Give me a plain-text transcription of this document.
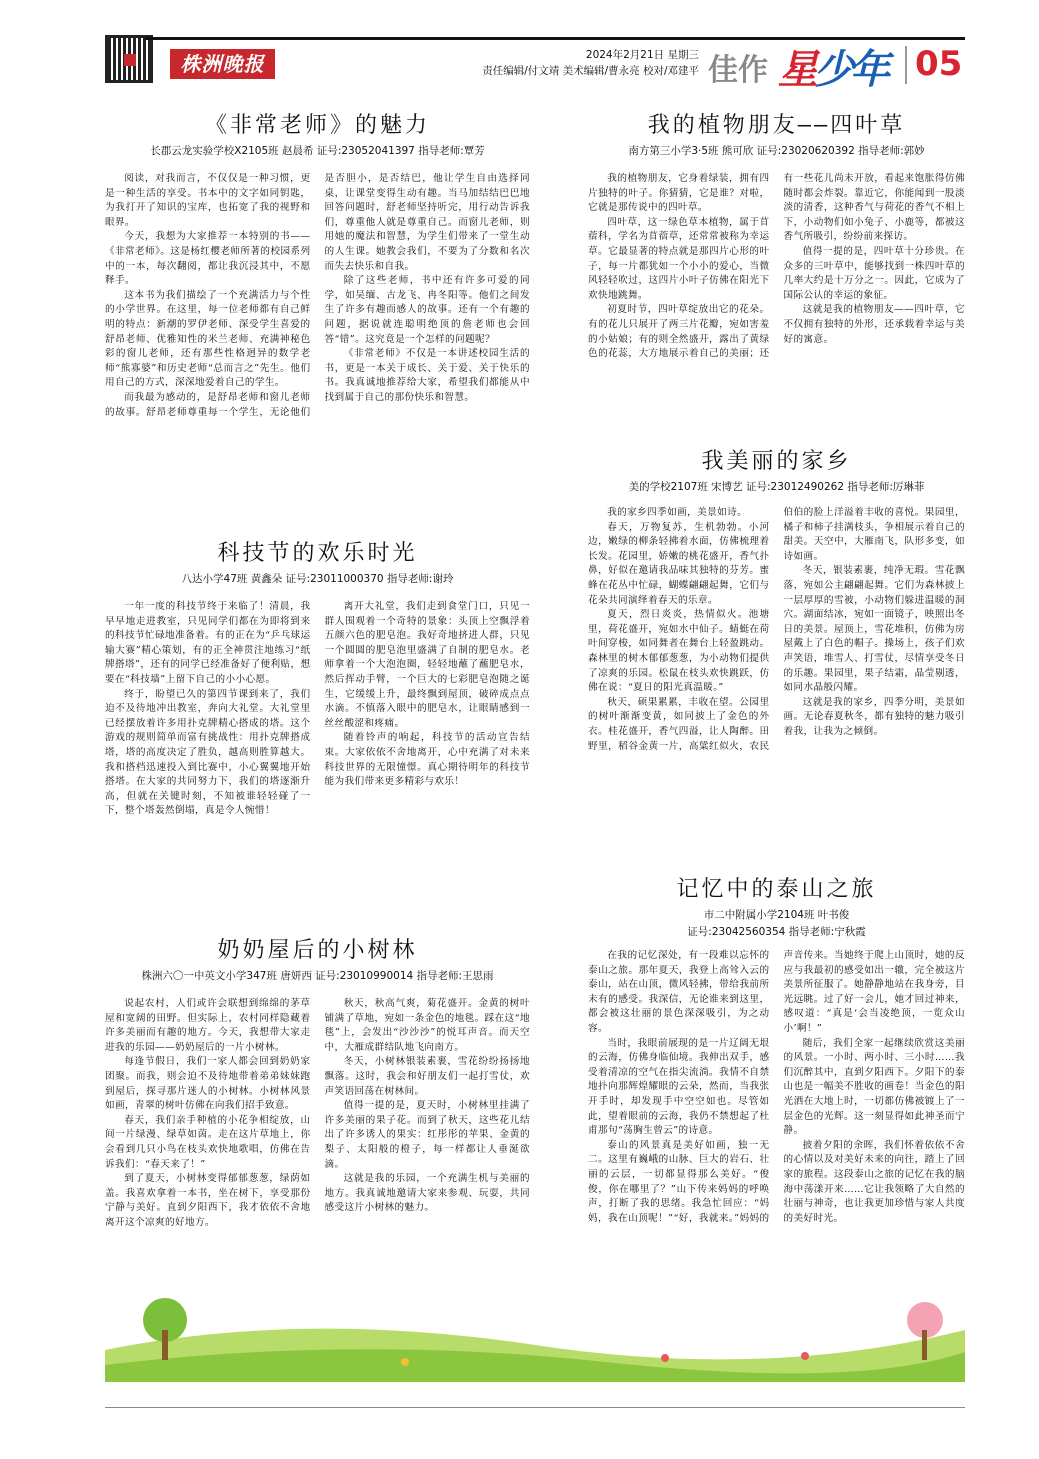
株洲晚报	2024年2月21日 星期三
责任编辑/付文靖 美术编辑/曹永亮 校对/邓建平 佳作 星少年 05
《非常老师》的魅力
长郡云龙实验学校X2105班 赵晨希 证号:23052041397 指导老师:覃芳

阅读，对我而言，不仅仅是一种习惯，更是一种生活的享受。书本中的文字如同钥匙，为我打开了知识的宝库，也拓宽了我的视野和眼界。

今天，我想为大家推荐一本特别的书——《非常老师》。这是杨红樱老师所著的校园系列中的一本，每次翻阅，都让我沉浸其中，不愿释手。

这本书为我们描绘了一个充满活力与个性的小学世界。在这里，每一位老师都有自己鲜明的特点：新潮的罗伊老师、深受学生喜爱的舒昂老师、优雅知性的米兰老师、充满神秘色彩的窗儿老师，还有那些性格迥异的数学老师“熊寡婆”和历史老师“总而言之”先生。他们用自己的方式，深深地爱着自己的学生。

而我最为感动的，是舒昂老师和窗儿老师的故事。舒昂老师尊重每一个学生，无论他们是否胆小，是否结巴，他让学生自由选择同桌，让课堂变得生动有趣。当马加结结巴巴地回答问题时，舒老师坚持听完，用行动告诉我们，尊重他人就是尊重自己。而窗儿老师，则用她的魔法和智慧，为学生们带来了一堂生动的人生课。她教会我们，不要为了分数和名次而失去快乐和自我。

除了这些老师，书中还有许多可爱的同学，如吴缅、古龙飞、冉冬阳等。他们之间发生了许多有趣而感人的故事。还有一个有趣的问题，据说就连聪明绝顶的詹老师也会回答“错”。这究竟是一个怎样的问题呢？

《非常老师》不仅是一本讲述校园生活的书，更是一本关于成长、关于爱、关于快乐的书。我真诚地推荐给大家，希望我们都能从中找到属于自己的那份快乐和智慧。

我的植物朋友——四叶草
南方第三小学3·5班 熊可欣 证号:23020620392 指导老师:郭妙

我的植物朋友，它身着绿装，拥有四片独特的叶子。你猜猜，它是谁？对啦，它就是那传说中的四叶草。

四叶草，这一绿色草本植物，属于苜蓿科，学名为苜蓿草，还常常被称为幸运草。它最显著的特点就是那四片心形的叶子，每一片都犹如一个小小的爱心，当微风轻轻吹过，这四片小叶子仿佛在阳光下欢快地跳舞。

初夏时节，四叶草绽放出它的花朵。有的花儿只展开了两三片花瓣，宛如害羞的小姑娘；有的则全然盛开，露出了黄绿色的花蕊，大方地展示着自己的美丽；还有一些花儿尚未开放，看起来饱胀得仿佛随时都会炸裂。靠近它，你能闻到一股淡淡的清香，这种香气与荷花的香气不相上下，小动物们如小兔子、小鹿等，都被这香气所吸引，纷纷前来探访。

值得一提的是，四叶草十分珍贵。在众多的三叶草中，能够找到一株四叶草的几率大约是十万分之一。因此，它成为了国际公认的幸运的象征。

这就是我的植物朋友——四叶草，它不仅拥有独特的外形，还承载着幸运与美好的寓意。

我美丽的家乡
美的学校2107班 宋博艺 证号:23012490262 指导老师:厉琳菲

我的家乡四季如画，美景如诗。

春天，万物复苏，生机勃勃。小河边，嫩绿的柳条轻拂着水面，仿佛梳理着长发。花园里，娇嫩的桃花盛开，香气扑鼻，好似在邀请我品味其独特的芬芳。蜜蜂在花丛中忙碌，蝴蝶翩翩起舞，它们与花朵共同演绎着春天的乐章。

夏天，烈日炎炎，热情似火。池塘里，荷花盛开，宛如水中仙子。蜻蜓在荷叶间穿梭，如同舞者在舞台上轻盈跳动。森林里的树木郁郁葱葱，为小动物们提供了凉爽的乐园。松鼠在枝头欢快跳跃，仿佛在说：“夏日的阳光真温暖。”

秋天，硕果累累，丰收在望。公园里的树叶渐渐变黄，如同披上了金色的外衣。桂花盛开，香气四溢，让人陶醉。田野里，稻谷金黄一片，高粱红似火，农民伯伯的脸上洋溢着丰收的喜悦。果园里，橘子和柿子挂满枝头，争相展示着自己的甜美。天空中，大雁南飞，队形多变，如诗如画。

冬天，银装素裹，纯净无瑕。雪花飘落，宛如公主翩翩起舞。它们为森林披上一层厚厚的雪被，小动物们躲进温暖的洞穴。湖面结冰，宛如一面镜子，映照出冬日的美景。屋顶上，雪花堆积，仿佛为房屋戴上了白色的帽子。操场上，孩子们欢声笑语，堆雪人、打雪仗，尽情享受冬日的乐趣。果园里，果子结霜，晶莹剔透，如同水晶般闪耀。

这就是我的家乡，四季分明，美景如画。无论春夏秋冬，都有独特的魅力吸引着我，让我为之倾倒。

科技节的欢乐时光
八达小学47班 黄鑫朵 证号:23011000370 指导老师:谢玲

一年一度的科技节终于来临了！清晨，我早早地走进教室，只见同学们都在为即将到来的科技节忙碌地准备着。有的正在为“乒乓球运输大赛”精心策划，有的正全神贯注地练习“纸牌搭塔”，还有的同学已经准备好了便利贴，想要在“科技墙”上留下自己的小小心愿。

终于，盼望已久的第四节课到来了，我们迫不及待地冲出教室，奔向大礼堂。大礼堂里已经摆放着许多用扑克牌精心搭成的塔。这个游戏的规则简单而富有挑战性：用扑克牌搭成塔，塔的高度决定了胜负，越高则胜算越大。我和搭档迅速投入到比赛中，小心翼翼地开始搭塔。在大家的共同努力下，我们的塔逐渐升高，但就在关键时刻，不知被谁轻轻碰了一下，整个塔轰然倒塌，真是令人惋惜！

离开大礼堂，我们走到食堂门口，只见一群人围观着一个奇特的景象：头顶上空飘浮着五颜六色的肥皂泡。我好奇地挤进人群，只见一个圆圆的肥皂泡里盛满了自制的肥皂水。老师拿着一个大泡泡圈，轻轻地蘸了蘸肥皂水，然后挥动手臂，一个巨大的七彩肥皂泡随之诞生，它缓缓上升，最终飘到屋顶，破碎成点点水滴。不慎落入眼中的肥皂水，让眼睛感到一丝丝酸涩和疼痛。

随着铃声的响起，科技节的活动宣告结束。大家依依不舍地离开，心中充满了对未来科技世界的无限憧憬。真心期待明年的科技节能为我们带来更多精彩与欢乐！

记忆中的泰山之旅
市二中附属小学2104班 叶书俊
证号:23042560354 指导老师:宁秋霞

在我的记忆深处，有一段难以忘怀的泰山之旅。那年夏天，我登上高耸入云的泰山，站在山顶，微风轻拂，带给我前所未有的感受。我深信，无论谁来到这里，都会被这壮丽的景色深深吸引，为之动容。

当时，我眼前展现的是一片辽阔无垠的云海，仿佛身临仙境。我伸出双手，感受着清凉的空气在指尖流淌。我情不自禁地扑向那辉煌耀眼的云朵，然而，当我张开手时，却发现手中空空如也。尽管如此，望着眼前的云海，我仍不禁想起了杜甫那句“荡胸生曾云”的诗意。

泰山的风景真是美好如画，独一无二。这里有巍峨的山脉、巨大的岩石、壮丽的云层，一切都显得那么美好。“俊俊，你在哪里了？”山下传来妈妈的呼唤声，打断了我的思绪。我急忙回应：“妈妈，我在山顶呢！”“好，我就来。”妈妈的声音传来。当她终于爬上山顶时，她的反应与我最初的感受如出一辙，完全被这片美景所征服了。她静静地站在我身旁，目光远眺。过了好一会儿，她才回过神来，感叹道：“真是‘会当凌绝顶，一览众山小’啊！”

随后，我们全家一起继续欣赏这美丽的风景。一小时、两小时、三小时……我们沉醉其中，直到夕阳西下。夕阳下的泰山也是一幅美不胜收的画卷！当金色的阳光洒在大地上时，一切都仿佛被镀上了一层金色的光辉。这一刻显得如此神圣而宁静。

披着夕阳的余晖，我们怀着依依不舍的心情以及对美好未来的向往，踏上了回家的旅程。这段泰山之旅的记忆在我的脑海中荡漾开来……它让我领略了大自然的壮丽与神奇，也让我更加珍惜与家人共度的美好时光。

奶奶屋后的小树林
株洲六〇一中英文小学347班 唐妍西 证号:23010990014 指导老师:王思雨

说起农村，人们或许会联想到绵绵的茅草屋和宽阔的田野。但实际上，农村同样隐藏着许多美丽而有趣的地方。今天，我想带大家走进我的乐园——奶奶屋后的一片小树林。

每逢节假日，我们一家人都会回到奶奶家团聚。而我，则会迫不及待地带着弟弟妹妹跑到屋后，探寻那片迷人的小树林。小树林风景如画，青翠的树叶仿佛在向我们招手致意。

春天，我们亲手种植的小花争相绽放，山间一片绿漫、绿草如茵。走在这片草地上，你会看到几只小鸟在枝头欢快地歌唱，仿佛在告诉我们：“春天来了！”

到了夏天，小树林变得郁郁葱葱，绿荫如盖。我喜欢拿着一本书，坐在树下，享受那份宁静与美好。直到夕阳西下，我才依依不舍地离开这个凉爽的好地方。

秋天，秋高气爽，菊花盛开。金黄的树叶铺满了草地，宛如一条金色的地毯。踩在这“地毯”上，会发出“沙沙沙”的悦耳声音。而天空中，大雁成群结队地飞向南方。

冬天，小树林银装素裹，雪花纷纷扬扬地飘落。这时，我会和好朋友们一起打雪仗，欢声笑语回荡在树林间。

值得一提的是，夏天时，小树林里挂满了许多美丽的果子花。而到了秋天，这些花儿结出了许多诱人的果实：红彤彤的苹果、金黄的梨子、太阳般的橙子，每一样都让人垂涎欲滴。

这就是我的乐园，一个充满生机与美丽的地方。我真诚地邀请大家来参观、玩耍，共同感受这片小树林的魅力。
